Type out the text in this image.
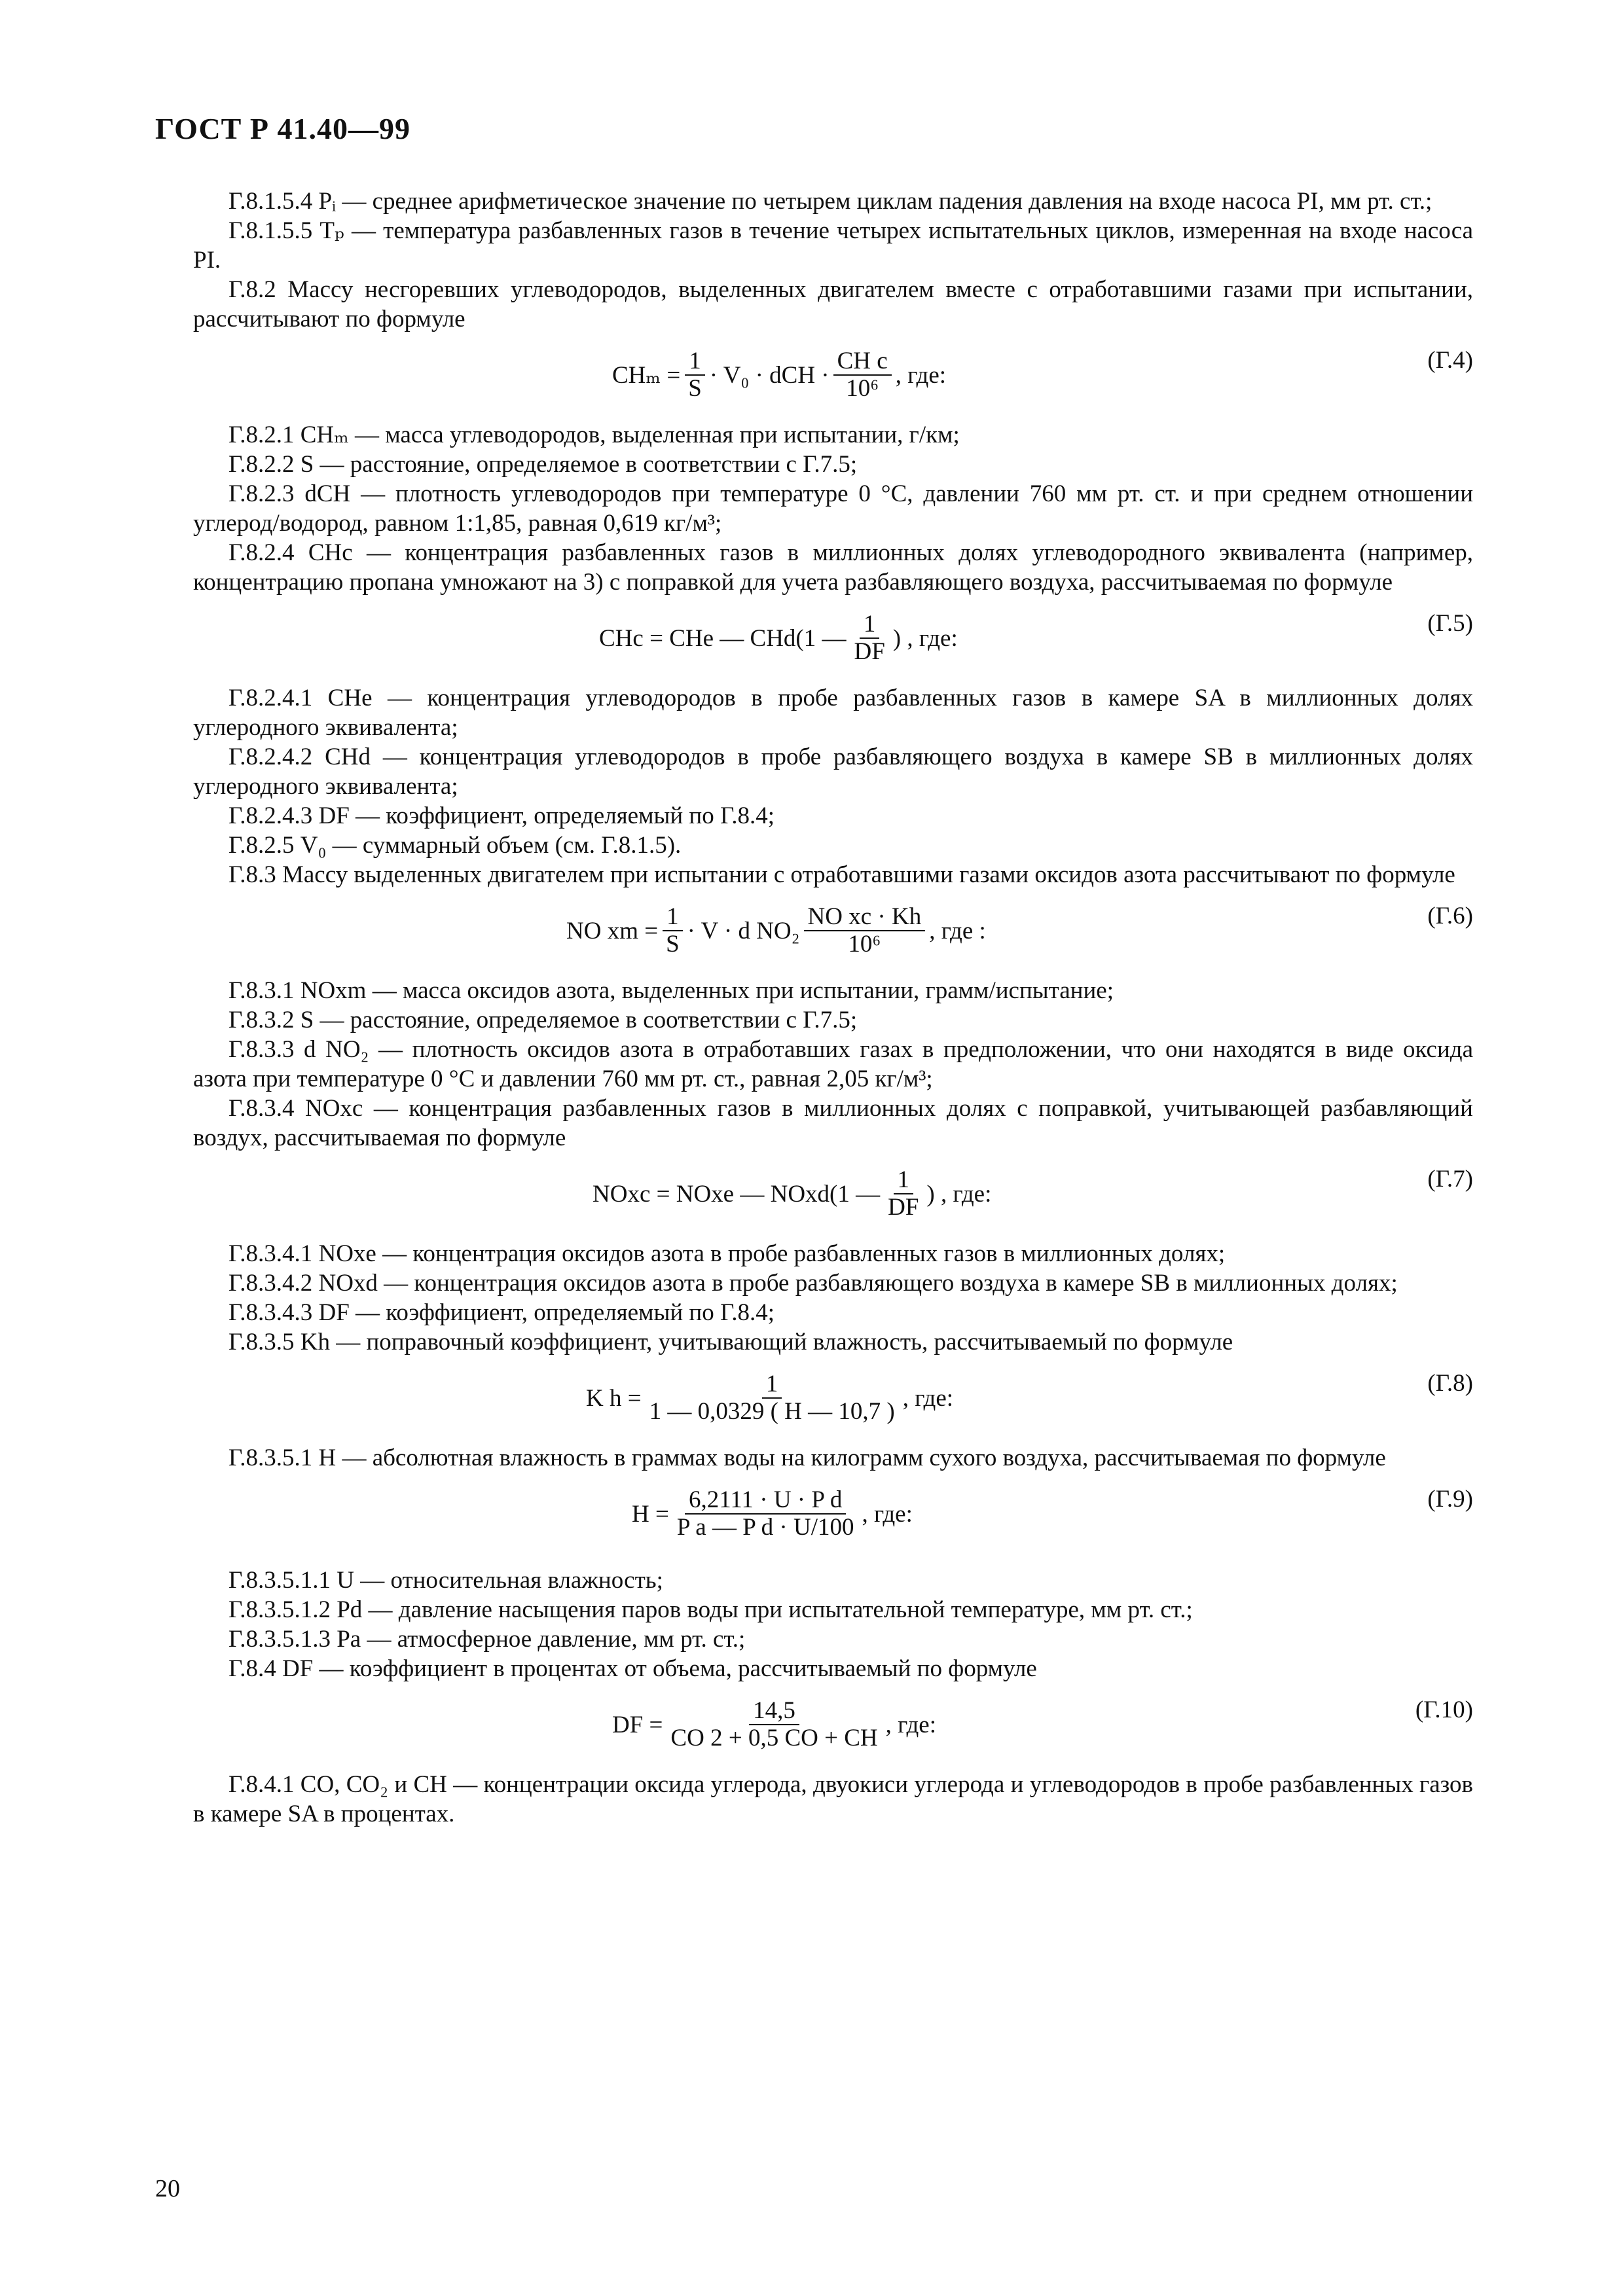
ГОСТ Р 41.40—99

Г.8.1.5.4 Pᵢ — среднее арифметическое значение по четырем циклам падения давления на входе насоса PI, мм рт. ст.;

Г.8.1.5.5 Tₚ — температура разбавленных газов в течение четырех испытательных циклов, измеренная на входе насоса PI.

Г.8.2 Массу несгоревших углеводородов, выделенных двигателем вместе с отработавшими газами при испытании, рассчитывают по формуле

$CH_m = \frac{1}{S} \cdot V_0$ · dCH · $\frac{\text{CH c}}{\text{10⁶}}$ , где:
(Г.4)

Г.8.2.1 CHₘ — масса углеводородов, выделенная при испытании, г/км;

Г.8.2.2 S — расстояние, определяемое в соответствии с Г.7.5;

Г.8.2.3 dCH — плотность углеводородов при температуре 0 °С, давлении 760 мм рт. ст. и при среднем отношении углерод/водород, равном 1:1,85, равная 0,619 кг/м³;

Г.8.2.4 CHc — концентрация разбавленных газов в миллионных долях углеводородного эквивалента (например, концентрацию пропана умножают на 3) с поправкой для учета разбавляющего воздуха, рассчитываемая по формуле

CHc = CHe — CHd(1 — $\frac{1}{DF}$ ) , где:
(Г.5)

Г.8.2.4.1 CHe — концентрация углеводородов в пробе разбавленных газов в камере SA в миллионных долях углеродного эквивалента;

Г.8.2.4.2 CHd — концентрация углеводородов в пробе разбавляющего воздуха в камере SB в миллионных долях углеродного эквивалента;

Г.8.2.4.3 DF — коэффициент, определяемый по Г.8.4;

Г.8.2.5 V₀ — суммарный объем (см. Г.8.1.5).

Г.8.3 Массу выделенных двигателем при испытании с отработавшими газами оксидов азота рассчитывают по формуле

NO xm = $\frac{1}{S} \cdot V \cdot d$ $NO_2 \frac{\text{NO xc · Kh}}{\text{10⁶}}$ , где :
(Г.6)

Г.8.3.1 NOxm — масса оксидов азота, выделенных при испытании, грамм/испытание;

Г.8.3.2 S — расстояние, определяемое в соответствии с Г.7.5;

Г.8.3.3 d NO₂ — плотность оксидов азота в отработавших газах в предположении, что они находятся в виде оксида азота при температуре 0 °С и давлении 760 мм рт. ст., равная 2,05 кг/м³;

Г.8.3.4 NOxc — концентрация разбавленных газов в миллионных долях с поправкой, учитывающей разбавляющий воздух, рассчитываемая по формуле

NOxc = NOxe — NOxd(1 — $\frac{1}{DF}$ ) , где:
(Г.7)

Г.8.3.4.1 NOxe — концентрация оксидов азота в пробе разбавленных газов в миллионных долях;

Г.8.3.4.2 NOxd — концентрация оксидов азота в пробе разбавляющего воздуха в камере SB в миллионных долях;

Г.8.3.4.3 DF — коэффициент, определяемый по Г.8.4;

Г.8.3.5 Kh — поправочный коэффициент, учитывающий влажность, рассчитываемый по формуле

K $h = \frac{1}{1 — 0,0329 ( H — 10,7 )}$ , где:
(Г.8)

Г.8.3.5.1 H — абсолютная влажность в граммах воды на килограмм сухого воздуха, рассчитываемая по формуле

$H = \frac{\text{6,2111 · U · P d}}{\text{P a — P d · U/100}}$ , где:
(Г.9)

Г.8.3.5.1.1 U — относительная влажность;

Г.8.3.5.1.2 Pd — давление насыщения паров воды при испытательной температуре, мм рт. ст.;

Г.8.3.5.1.3 Pa — атмосферное давление, мм рт. ст.;

Г.8.4 DF — коэффициент в процентах от объема, рассчитываемый по формуле

DF = $\frac{14,5}{CO 2 + 0,5 CO + CH}$ , где:
(Г.10)

Г.8.4.1 CO, CO₂ и CH — концентрации оксида углерода, двуокиси углерода и углеводородов в пробе разбавленных газов в камере SA в процентах.

20
